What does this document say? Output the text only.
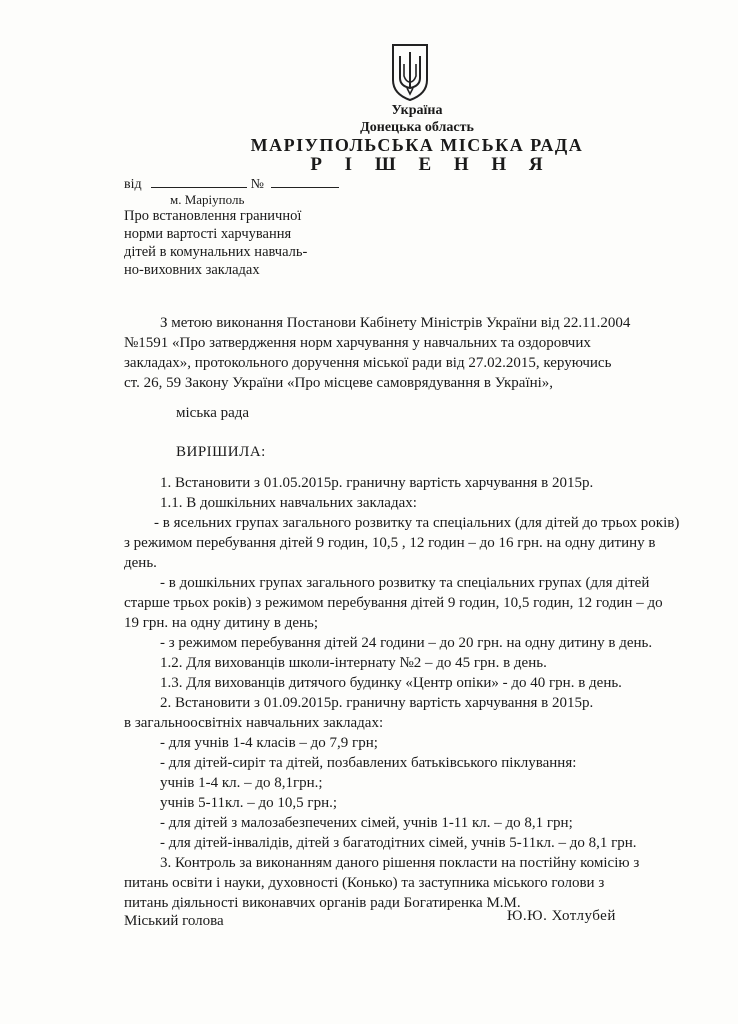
Україна
Донецька область
МАРІУПОЛЬСЬКА МІСЬКА РАДА
Р І Ш Е Н Н Я
від	№
м. Маріуполь
Про встановлення граничної
норми вартості харчування
дітей в комунальних навчаль-
но-виховних закладах
З метою виконання Постанови Кабінету Міністрів України від 22.11.2004
№1591 «Про затвердження норм харчування у навчальних та оздоровчих
закладах», протокольного доручення міської ради від 27.02.2015, керуючись
ст. 26, 59 Закону України «Про місцеве самоврядування в Україні»,
міська рада
ВИРІШИЛА:
1. Встановити з 01.05.2015р. граничну вартість харчування в 2015р.
1.1. В дошкільних навчальних закладах:
- в ясельних групах загального розвитку та спеціальних (для дітей до трьох років)
з режимом перебування дітей 9 годин, 10,5 , 12 годин – до 16 грн. на одну дитину в
день.
- в дошкільних групах загального розвитку та спеціальних групах (для дітей
старше трьох років) з режимом перебування дітей 9 годин, 10,5 годин, 12 годин – до
19 грн. на одну дитину в день;
- з режимом перебування дітей 24 години – до 20 грн. на одну дитину в день.
1.2. Для вихованців школи-інтернату №2 – до 45 грн. в день.
1.3. Для вихованців дитячого будинку «Центр опіки» - до 40 грн. в день.
2. Встановити з 01.09.2015р. граничну вартість харчування в 2015р.
в загальноосвітніх навчальних закладах:
- для учнів 1-4 класів – до 7,9 грн;
- для дітей-сиріт та дітей, позбавлених батьківського піклування:
учнів 1-4 кл. – до 8,1грн.;
учнів 5-11кл. – до 10,5 грн.;
- для дітей з малозабезпечених сімей, учнів 1-11 кл. – до 8,1 грн;
- для дітей-інвалідів, дітей з багатодітних сімей, учнів 5-11кл. – до 8,1 грн.
3. Контроль за виконанням даного рішення покласти на постійну комісію з
питань освіти і науки, духовності (Конько) та заступника міського голови з
питань діяльності виконавчих органів ради Богатиренка М.М.
Міський голова	Ю.Ю. Хотлубей
